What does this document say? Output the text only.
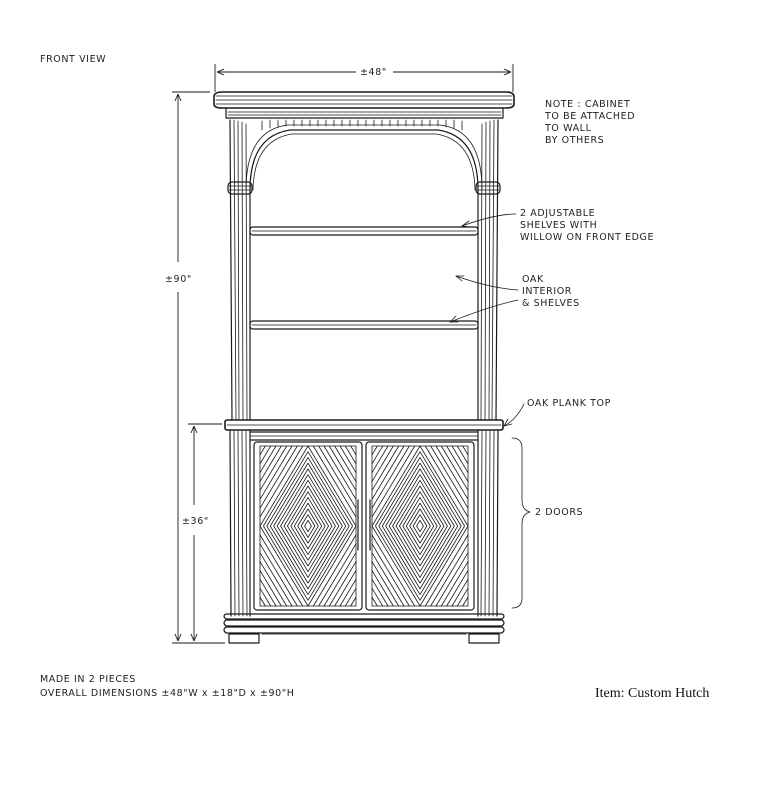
FRONT VIEW
±48"
±90"
±36"
NOTE : CABINET
TO BE ATTACHED
TO WALL
BY OTHERS
2 ADJUSTABLE
SHELVES WITH
WILLOW ON FRONT EDGE
OAK
INTERIOR
& SHELVES
OAK PLANK TOP
2 DOORS
MADE IN 2 PIECES
OVERALL DIMENSIONS ±48"W x ±18"D x ±90"H	Item: Custom Hutch
